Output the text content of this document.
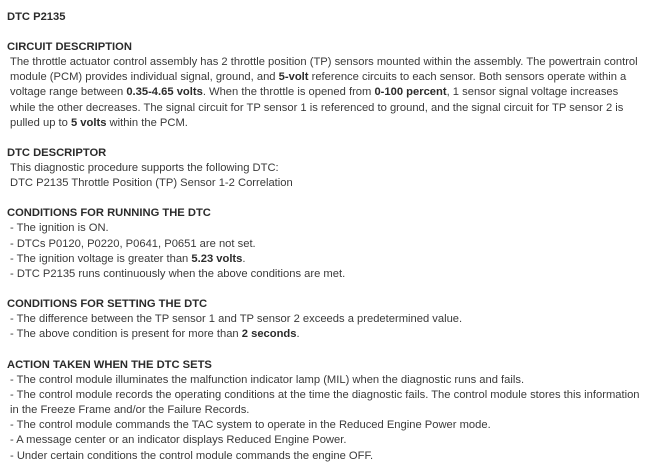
DTC P2135
CIRCUIT DESCRIPTION

The throttle actuator control assembly has 2 throttle position (TP) sensors mounted within the assembly. The powertrain control module (PCM) provides individual signal, ground, and 5-volt reference circuits to each sensor. Both sensors operate within a voltage range between 0.35-4.65 volts. When the throttle is opened from 0-100 percent, 1 sensor signal voltage increases while the other decreases. The signal circuit for TP sensor 1 is referenced to ground, and the signal circuit for TP sensor 2 is pulled up to 5 volts within the PCM.

DTC DESCRIPTOR
This diagnostic procedure supports the following DTC:
DTC P2135 Throttle Position (TP) Sensor 1-2 Correlation
CONDITIONS FOR RUNNING THE DTC
- The ignition is ON.
- DTCs P0120, P0220, P0641, P0651 are not set.
- The ignition voltage is greater than 5.23 volts.
- DTC P2135 runs continuously when the above conditions are met.
CONDITIONS FOR SETTING THE DTC
- The difference between the TP sensor 1 and TP sensor 2 exceeds a predetermined value.
- The above condition is present for more than 2 seconds.
ACTION TAKEN WHEN THE DTC SETS
- The control module illuminates the malfunction indicator lamp (MIL) when the diagnostic runs and fails.
- The control module records the operating conditions at the time the diagnostic fails. The control module stores this information in the Freeze Frame and/or the Failure Records.
- The control module commands the TAC system to operate in the Reduced Engine Power mode.
- A message center or an indicator displays Reduced Engine Power.
- Under certain conditions the control module commands the engine OFF.
